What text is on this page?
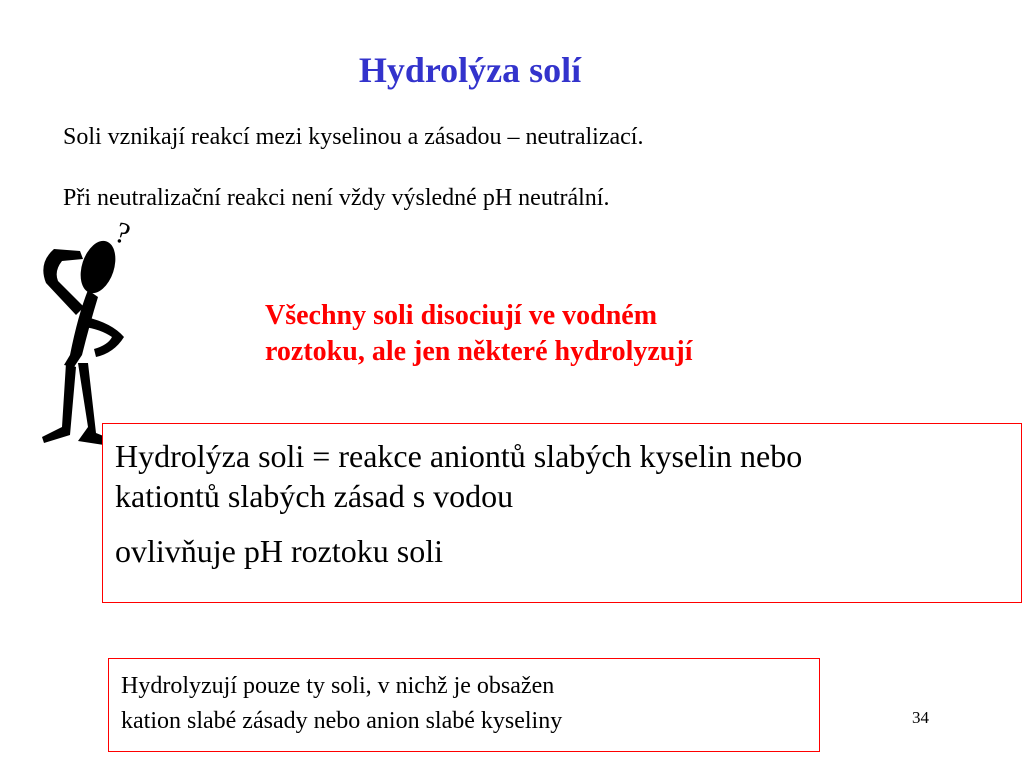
Hydrolýza solí

Soli vznikají reakcí mezi kyselinou a zásadou – neutralizací.

Při neutralizační reakci není vždy výsledné pH neutrální.

?
Všechny soli disociují ve vodném
roztoku, ale jen některé hydrolyzují

Hydrolýza soli = reakce aniontů slabých kyselin nebo

kationtů slabých zásad s vodou

ovlivňuje pH roztoku soli

Hydrolyzují pouze ty soli, v nichž je obsažen

kation slabé zásady nebo anion slabé kyseliny	34
